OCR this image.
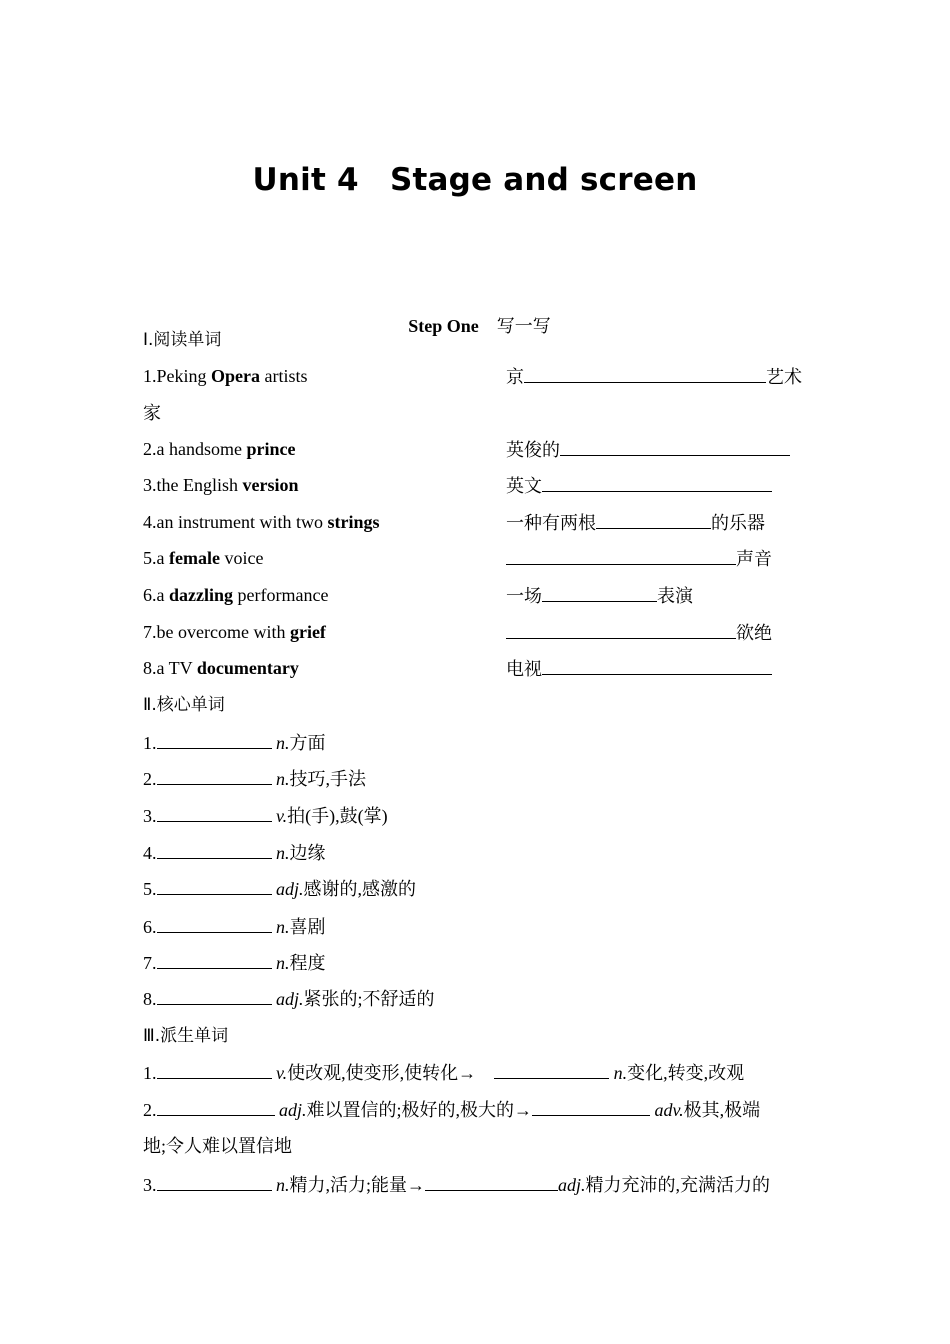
Unit 4　Stage and screen

Step One　 写一写

Ⅰ.阅读单词
1.Peking Opera artists	京	艺术
家
2.a handsome prince	英俊的
3.the English version	英文
4.an instrument with two strings	一种有两根	的乐器
5.a female voice	声音
6.a dazzling performance	一场	表演
7.be overcome with grief	欲绝
8.a TV documentary	电视
Ⅱ.核心单词
1.	n.方面
2.	n.技巧,手法
3.	v.拍(手),鼓(掌)
4.	n.边缘
5.	adj.感谢的,感激的
6.	n.喜剧
7.	n.程度
8.	adj.紧张的;不舒适的
Ⅲ.派生单词
1.	v.使改观,使变形,使转化→　	n.变化,转变,改观
2.	adj.难以置信的;极好的,极大的→	adv.极其,极端
地;令人难以置信地
3.	n.精力,活力;能量→	adj.精力充沛的,充满活力的
